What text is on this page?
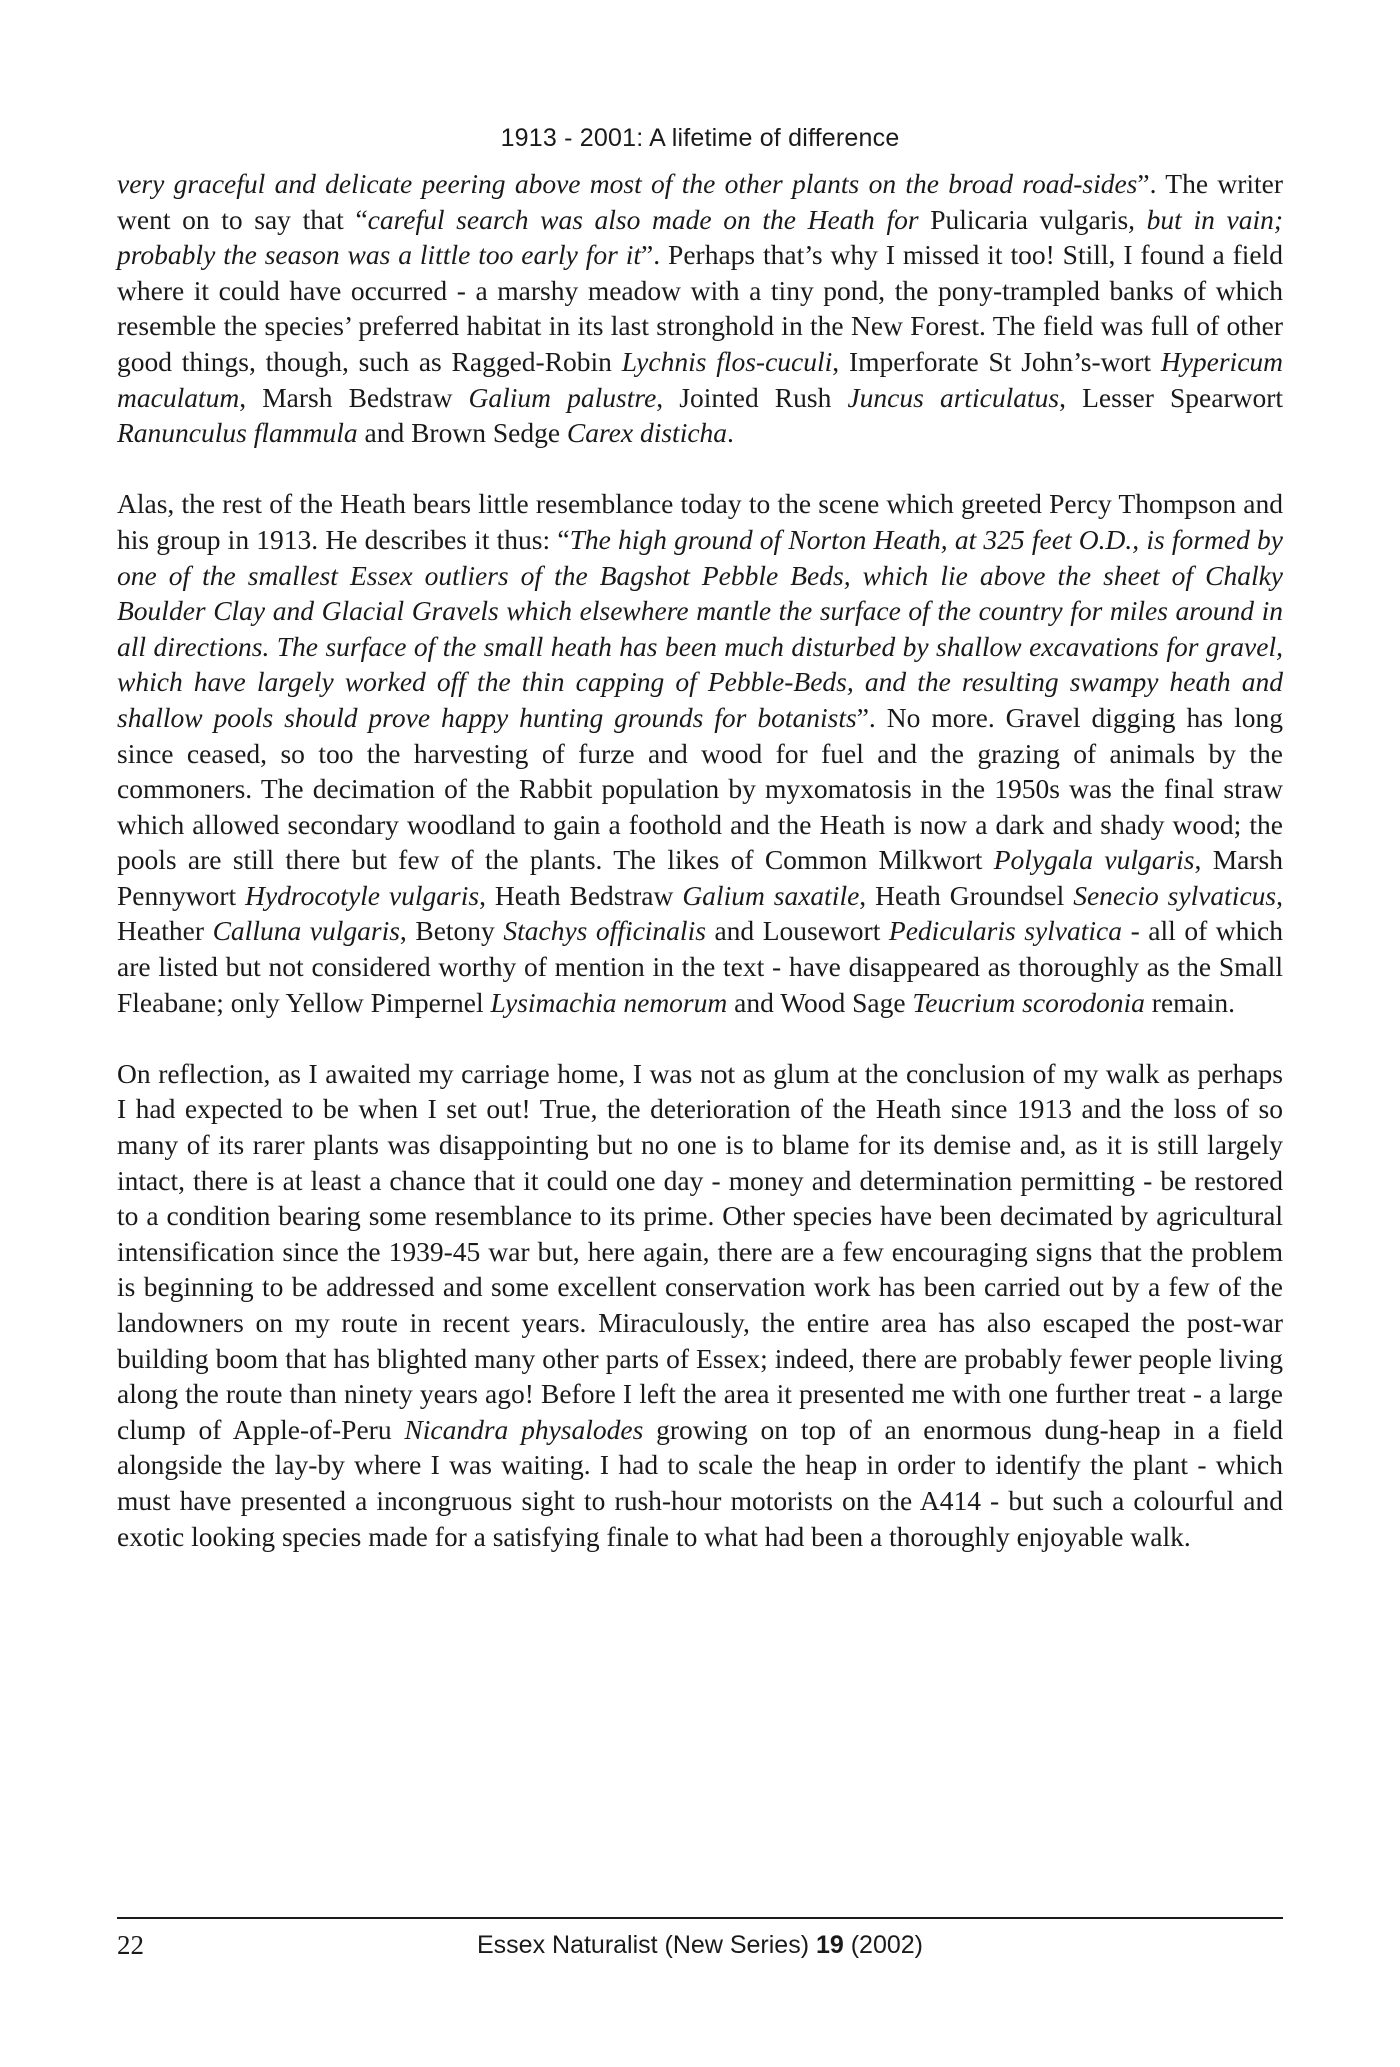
1913 - 2001: A lifetime of difference

very graceful and delicate peering above most of the other plants on the broad road-sides”. The writer went on to say that “careful search was also made on the Heath for Pulicaria vulgaris, but in vain; probably the season was a little too early for it”. Perhaps that’s why I missed it too! Still, I found a field where it could have occurred - a marshy meadow with a tiny pond, the pony-trampled banks of which resemble the species’ preferred habitat in its last stronghold in the New Forest. The field was full of other good things, though, such as Ragged-Robin Lychnis flos-cuculi, Imperforate St John’s-wort Hypericum maculatum, Marsh Bedstraw Galium palustre, Jointed Rush Juncus articulatus, Lesser Spearwort Ranunculus flammula and Brown Sedge Carex disticha.

Alas, the rest of the Heath bears little resemblance today to the scene which greeted Percy Thompson and his group in 1913. He describes it thus: “The high ground of Norton Heath, at 325 feet O.D., is formed by one of the smallest Essex outliers of the Bagshot Pebble Beds, which lie above the sheet of Chalky Boulder Clay and Glacial Gravels which elsewhere mantle the surface of the country for miles around in all directions. The surface of the small heath has been much disturbed by shallow excavations for gravel, which have largely worked off the thin capping of Pebble-Beds, and the resulting swampy heath and shallow pools should prove happy hunting grounds for botanists”. No more. Gravel digging has long since ceased, so too the harvesting of furze and wood for fuel and the grazing of animals by the commoners. The decimation of the Rabbit population by myxomatosis in the 1950s was the final straw which allowed secondary woodland to gain a foothold and the Heath is now a dark and shady wood; the pools are still there but few of the plants. The likes of Common Milkwort Polygala vulgaris, Marsh Pennywort Hydrocotyle vulgaris, Heath Bedstraw Galium saxatile, Heath Groundsel Senecio sylvaticus, Heather Calluna vulgaris, Betony Stachys officinalis and Lousewort Pedicularis sylvatica - all of which are listed but not considered worthy of mention in the text - have disappeared as thoroughly as the Small Fleabane; only Yellow Pimpernel Lysimachia nemorum and Wood Sage Teucrium scorodonia remain.

On reflection, as I awaited my carriage home, I was not as glum at the conclusion of my walk as perhaps I had expected to be when I set out! True, the deterioration of the Heath since 1913 and the loss of so many of its rarer plants was disappointing but no one is to blame for its demise and, as it is still largely intact, there is at least a chance that it could one day - money and determination permitting - be restored to a condition bearing some resemblance to its prime. Other species have been decimated by agricultural intensification since the 1939-45 war but, here again, there are a few encouraging signs that the problem is beginning to be addressed and some excellent conservation work has been carried out by a few of the landowners on my route in recent years. Miraculously, the entire area has also escaped the post-war building boom that has blighted many other parts of Essex; indeed, there are probably fewer people living along the route than ninety years ago! Before I left the area it presented me with one further treat - a large clump of Apple-of-Peru Nicandra physalodes growing on top of an enormous dung-heap in a field alongside the lay-by where I was waiting. I had to scale the heap in order to identify the plant - which must have presented a incongruous sight to rush-hour motorists on the A414 - but such a colourful and exotic looking species made for a satisfying finale to what had been a thoroughly enjoyable walk.

22	Essex Naturalist (New Series) 19 (2002)
